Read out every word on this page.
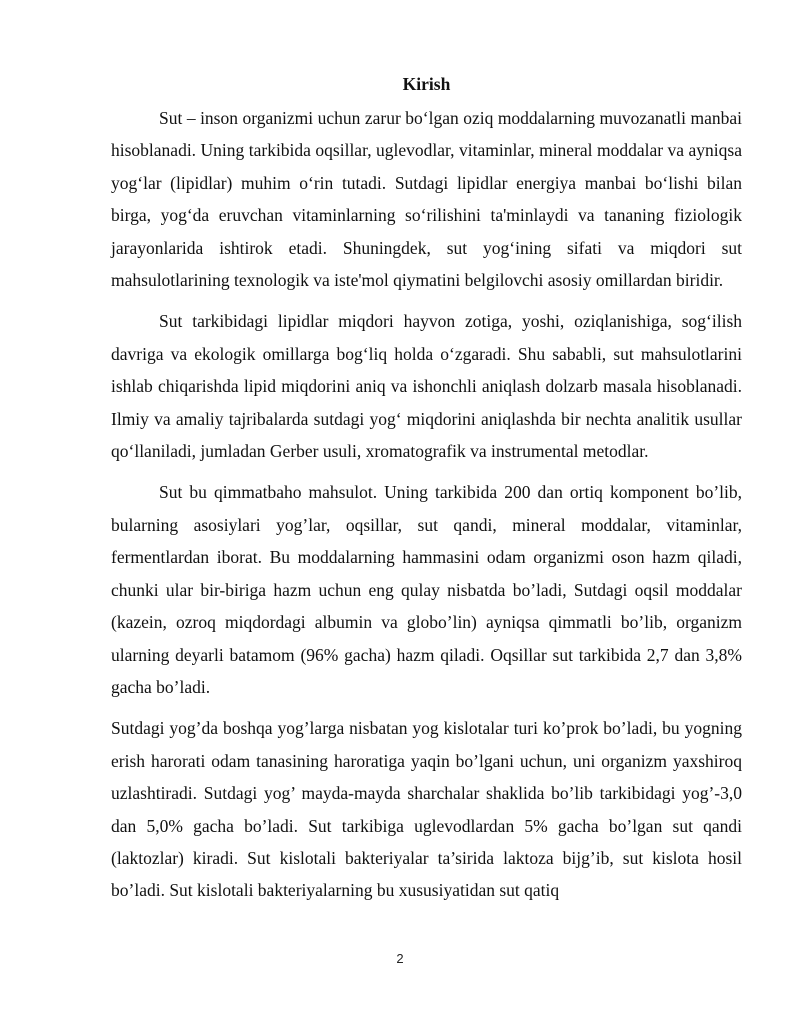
Kirish

Sut – inson organizmi uchun zarur bo‘lgan oziq moddalarning muvozanatli manbai hisoblanadi. Uning tarkibida oqsillar, uglevodlar, vitaminlar, mineral moddalar va ayniqsa yog‘lar (lipidlar) muhim o‘rin tutadi. Sutdagi lipidlar energiya manbai bo‘lishi bilan birga, yog‘da eruvchan vitaminlarning so‘rilishini ta'minlaydi va tananing fiziologik jarayonlarida ishtirok etadi. Shuningdek, sut yog‘ining sifati va miqdori sut mahsulotlarining texnologik va iste'mol qiymatini belgilovchi asosiy omillardan biridir.

Sut tarkibidagi lipidlar miqdori hayvon zotiga, yoshi, oziqlanishiga, sog‘ilish davriga va ekologik omillarga bog‘liq holda o‘zgaradi. Shu sababli, sut mahsulotlarini ishlab chiqarishda lipid miqdorini aniq va ishonchli aniqlash dolzarb masala hisoblanadi. Ilmiy va amaliy tajribalarda sutdagi yog‘ miqdorini aniqlashda bir nechta analitik usullar qo‘llaniladi, jumladan Gerber usuli, xromatografik va instrumental metodlar.

Sut bu qimmatbaho mahsulot. Uning tarkibida 200 dan ortiq komponent bo’lib, bularning asosiylari yog’lar, oqsillar, sut qandi, mineral moddalar, vitaminlar, fermentlardan iborat. Bu moddalarning hammasini odam organizmi oson hazm qiladi, chunki ular bir-biriga hazm uchun eng qulay nisbatda bo’ladi, Sutdagi oqsil moddalar (kazein, ozroq miqdordagi albumin va globo’lin) ayniqsa qimmatli bo’lib, organizm ularning deyarli batamom (96% gacha) hazm qiladi. Oqsillar sut tarkibida 2,7 dan 3,8% gacha bo’ladi.

Sutdagi yog’da boshqa yog’larga nisbatan yog kislotalar turi ko’prok bo’ladi, bu yogning erish harorati odam tanasining haroratiga yaqin bo’lgani uchun, uni organizm yaxshiroq uzlashtiradi. Sutdagi yog’ mayda-mayda sharchalar shaklida bo’lib tarkibidagi yog’-3,0 dan 5,0% gacha bo’ladi. Sut tarkibiga uglevodlardan 5% gacha bo’lgan sut qandi (laktozlar) kiradi. Sut kislotali bakteriyalar ta’sirida laktoza bijg’ib, sut kislota hosil bo’ladi. Sut kislotali bakteriyalarning bu xususiyatidan sut qatiq

2
